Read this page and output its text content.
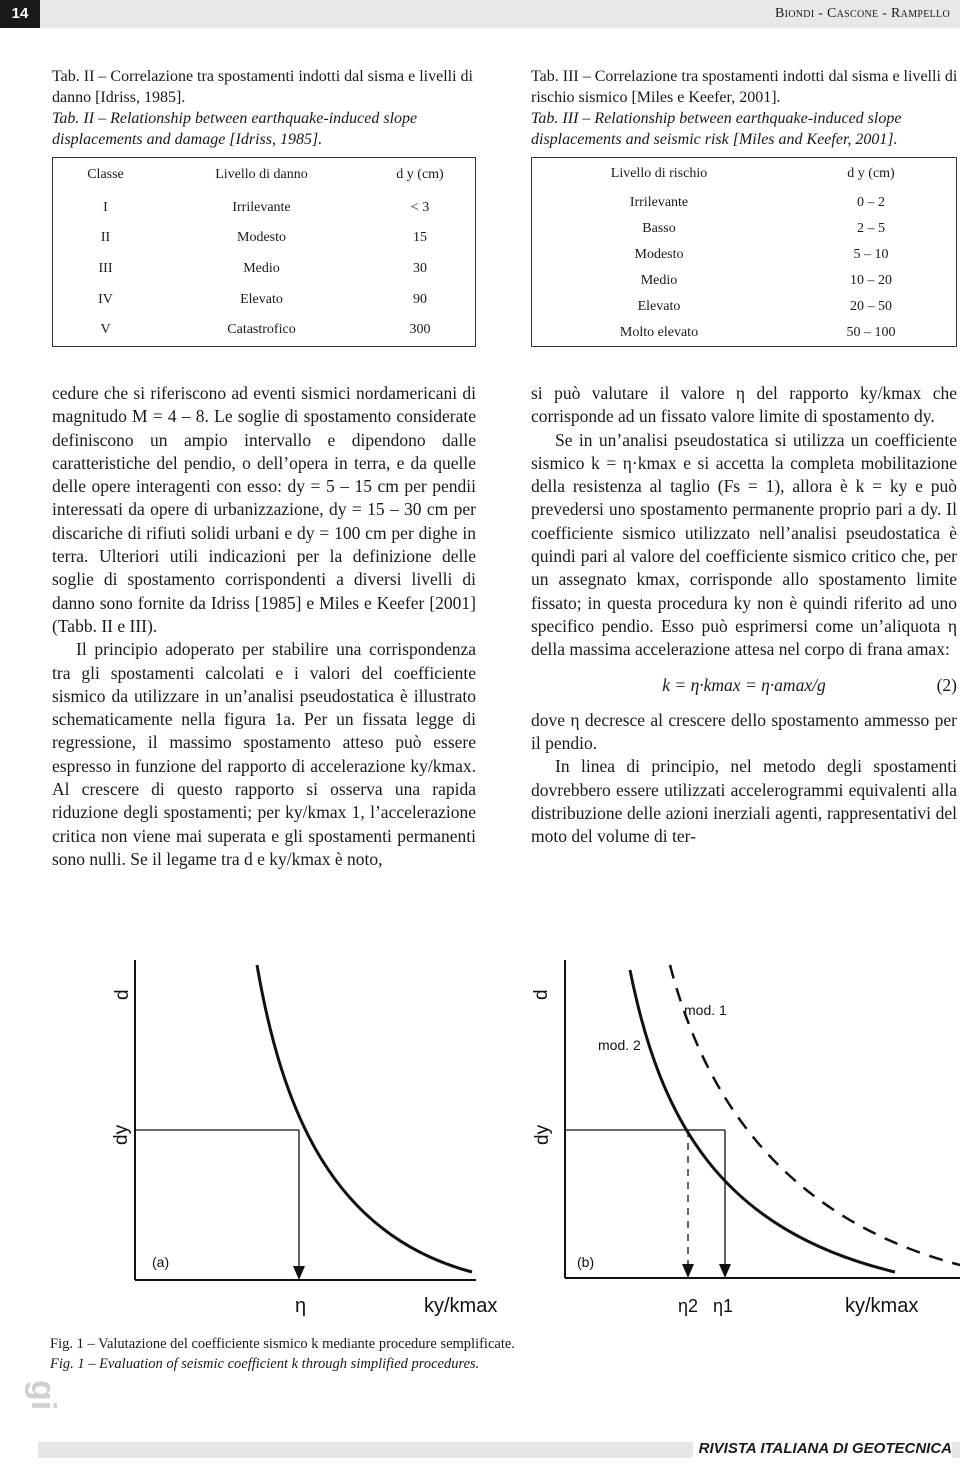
14	Biondi - Cascone - Rampello
Tab. II – Correlazione tra spostamenti indotti dal sisma e livelli di danno [Idriss, 1985].
Tab. II – Relationship between earthquake-induced slope displacements and damage [Idriss, 1985].
Classe	Livello di danno	d y (cm)
I	Irrilevante	< 3
II	Modesto	15
III	Medio	30
IV	Elevato	90
V	Catastrofico	300
Tab. III – Correlazione tra spostamenti indotti dal sisma e livelli di rischio sismico [Miles e Keefer, 2001].
Tab. III – Relationship between earthquake-induced slope displacements and seismic risk [Miles and Keefer, 2001].
Livello di rischio	d y (cm)
Irrilevante	0 – 2
Basso	2 – 5
Modesto	5 – 10
Medio	10 – 20
Elevato	20 – 50
Molto elevato	50 – 100

cedure che si riferiscono ad eventi sismici nordamericani di magnitudo M = 4 – 8. Le soglie di spostamento considerate definiscono un ampio intervallo e dipendono dalle caratteristiche del pendio, o dell’opera in terra, e da quelle delle opere interagenti con esso: dy = 5 – 15 cm per pendii interessati da opere di urbanizzazione, dy = 15 – 30 cm per discariche di rifiuti solidi urbani e dy = 100 cm per dighe in terra. Ulteriori utili indicazioni per la definizione delle soglie di spostamento corrispondenti a diversi livelli di danno sono fornite da Idriss [1985] e Miles e Keefer [2001] (Tabb. II e III).

Il principio adoperato per stabilire una corrispondenza tra gli spostamenti calcolati e i valori del coefficiente sismico da utilizzare in un’analisi pseudostatica è illustrato schematicamente nella figura 1a. Per un fissata legge di regressione, il massimo spostamento atteso può essere espresso in funzione del rapporto di accelerazione ky/kmax. Al crescere di questo rapporto si osserva una rapida riduzione degli spostamenti; per ky/kmax 1, l’accelerazione critica non viene mai superata e gli spostamenti permanenti sono nulli. Se il legame tra d e ky/kmax è noto,

si può valutare il valore η del rapporto ky/kmax che corrisponde ad un fissato valore limite di spostamento dy.

Se in un’analisi pseudostatica si utilizza un coefficiente sismico k = η·kmax e si accetta la completa mobilitazione della resistenza al taglio (Fs = 1), allora è k = ky e può prevedersi uno spostamento permanente proprio pari a dy. Il coefficiente sismico utilizzato nell’analisi pseudostatica è quindi pari al valore del coefficiente sismico critico che, per un assegnato kmax, corrisponde allo spostamento limite fissato; in questa procedura ky non è quindi riferito ad uno specifico pendio. Esso può esprimersi come un’aliquota η della massima accelerazione attesa nel corpo di frana amax:

k = η·kmax = η·amax/g	(2)

dove η decresce al crescere dello spostamento ammesso per il pendio.

In linea di principio, nel metodo degli spostamenti dovrebbero essere utilizzati accelerogrammi equivalenti alla distribuzione delle azioni inerziali agenti, rappresentativi del moto del volume di ter-

d
dy
(a)
η	ky/kmax
d
dy
(b)
mod. 1
mod. 2
η2 η1	ky/kmax
Fig. 1 – Valutazione del coefficiente sismico k mediante procedure semplificate.
Fig. 1 – Evaluation of seismic coefficient k through simplified procedures.
gi
RIVISTA ITALIANA DI GEOTECNICA
